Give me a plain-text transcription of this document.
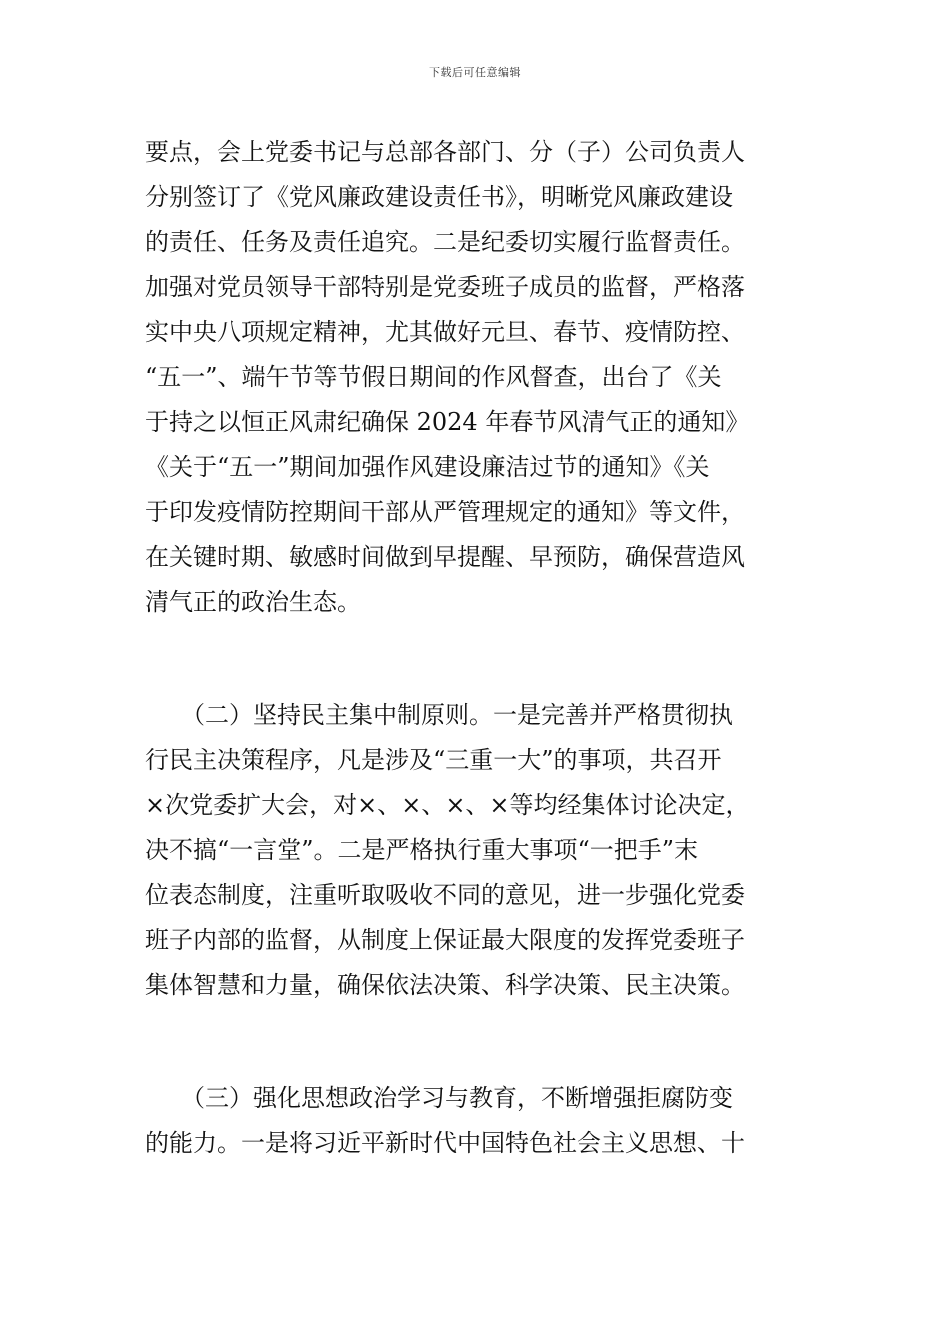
下载后可任意编辑
要点，会上党委书记与总部各部门、分（子）公司负责人
分别签订了《党风廉政建设责任书》，明晰党风廉政建设
的责任、任务及责任追究。二是纪委切实履行监督责任。
加强对党员领导干部特别是党委班子成员的监督，严格落
实中央八项规定精神，尤其做好元旦、春节、疫情防控、
“五一”、端午节等节假日期间的作风督查，出台了《关
于持之以恒正风肃纪确保 2024 年春节风清气正的通知》
《关于“五一”期间加强作风建设廉洁过节的通知》《关
于印发疫情防控期间干部从严管理规定的通知》等文件，
在关键时期、敏感时间做到早提醒、早预防，确保营造风
清气正的政治生态。
　　（二）坚持民主集中制原则。一是完善并严格贯彻执
行民主决策程序，凡是涉及“三重一大”的事项，共召开
×次党委扩大会，对×、×、×、×等均经集体讨论决定，
决不搞“一言堂”。二是严格执行重大事项“一把手”末
位表态制度，注重听取吸收不同的意见，进一步强化党委
班子内部的监督，从制度上保证最大限度的发挥党委班子
集体智慧和力量，确保依法决策、科学决策、民主决策。
　　（三）强化思想政治学习与教育，不断增强拒腐防变
的能力。一是将习近平新时代中国特色社会主义思想、十
